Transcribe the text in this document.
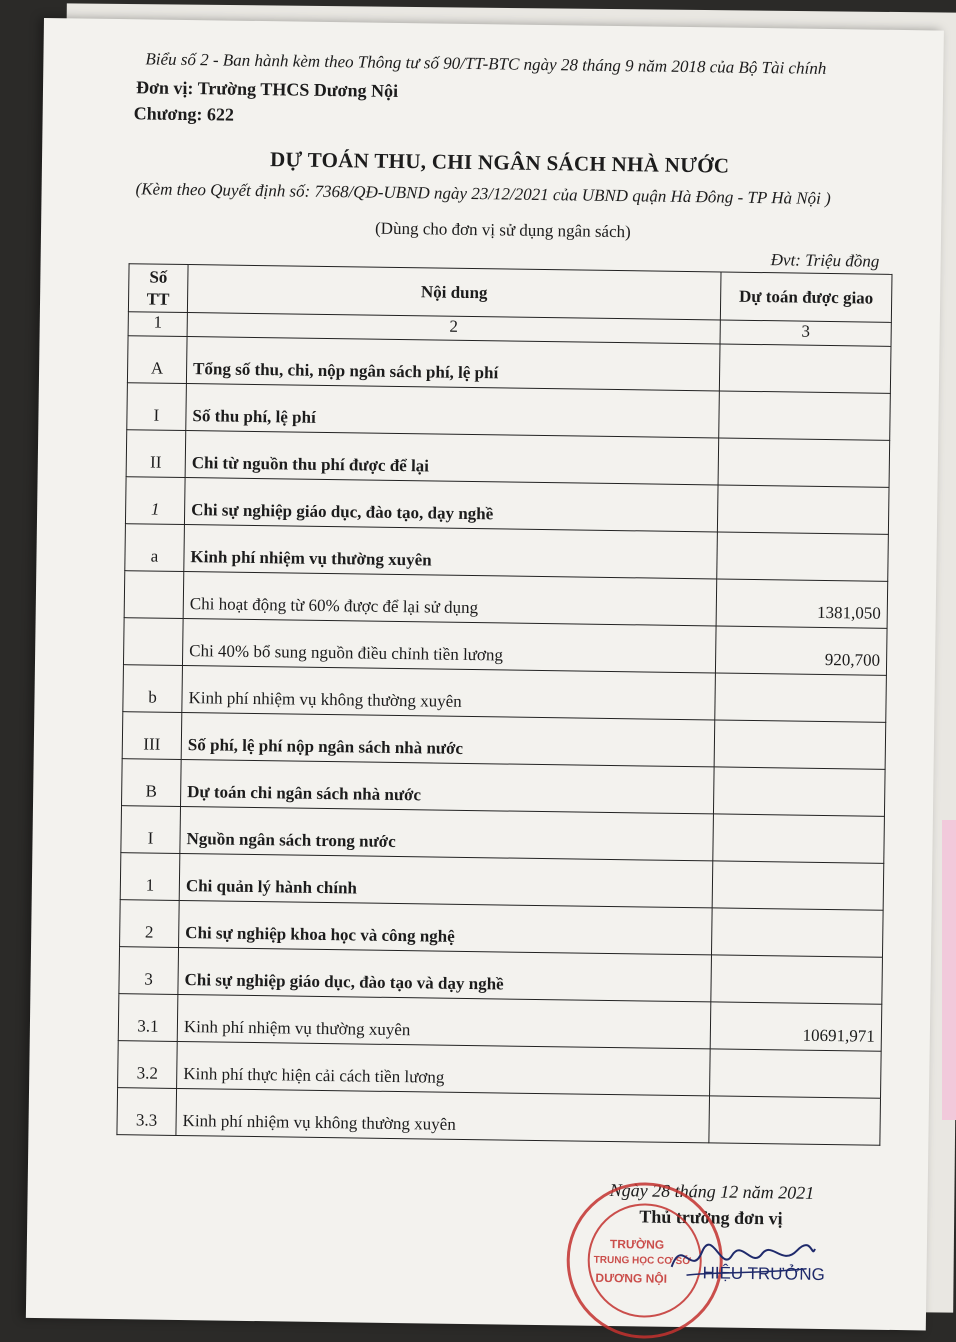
Biểu số 2 - Ban hành kèm theo Thông tư số 90/TT-BTC ngày 28 tháng 9 năm 2018 của Bộ Tài chính
Đơn vị: Trường THCS Dương Nội
Chương: 622
DỰ TOÁN THU, CHI NGÂN SÁCH NHÀ NƯỚC
(Kèm theo Quyết định số: 7368/QĐ-UBND ngày 23/12/2021 của UBND quận Hà Đông - TP Hà Nội )
(Dùng cho đơn vị sử dụng ngân sách)
Đvt: Triệu đồng
Số
TT	Nội dung	Dự toán được giao
1	2	3
A	Tổng số thu, chi, nộp ngân sách phí, lệ phí	
I	Số thu phí, lệ phí	
II	Chi từ nguồn thu phí được để lại	
1	Chi sự nghiệp giáo dục, đào tạo, dạy nghề	
a	Kinh phí nhiệm vụ thường xuyên	
	Chi hoạt động từ 60% được để lại sử dụng	1381,050
	Chi 40% bổ sung nguồn điều chỉnh tiền lương	920,700
b	Kinh phí nhiệm vụ không thường xuyên	
III	Số phí, lệ phí nộp ngân sách nhà nước	
B	Dự toán chi ngân sách nhà nước	
I	Nguồn ngân sách trong nước	
1	Chi quản lý hành chính	
2	Chi sự nghiệp khoa học và công nghệ	
3	Chi sự nghiệp giáo dục, đào tạo và dạy nghề	
3.1	Kinh phí nhiệm vụ thường xuyên	10691,971
3.2	Kinh phí thực hiện cải cách tiền lương	
3.3	Kinh phí nhiệm vụ không thường xuyên	
Ngày 28 tháng 12 năm 2021
Thủ trưởng đơn vị
TRƯỜNG
TRUNG HỌC CƠ SỞ
DƯƠNG NỘI HIỆU TRƯỞNG
